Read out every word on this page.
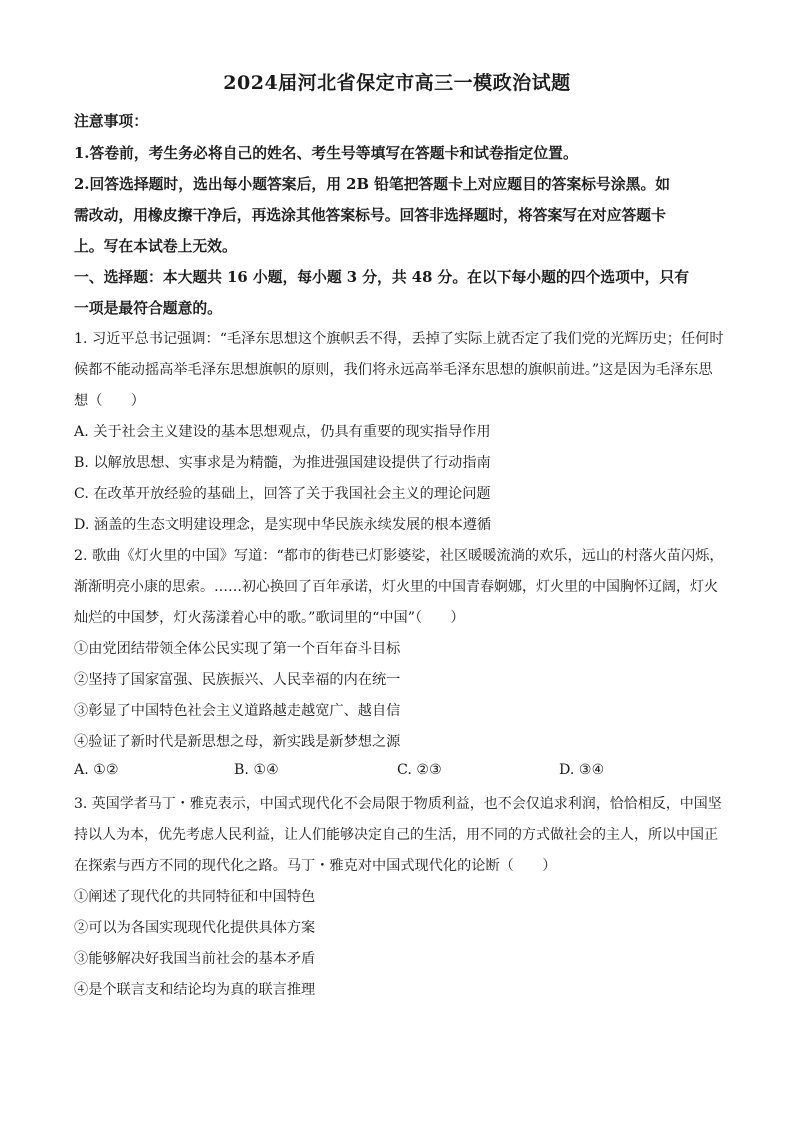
2024届河北省保定市高三一模政治试题
注意事项：
1.答卷前，考生务必将自己的姓名、考生号等填写在答题卡和试卷指定位置。
2.回答选择题时，选出每小题答案后，用 2B 铅笔把答题卡上对应题目的答案标号涂黑。如
需改动，用橡皮擦干净后，再选涂其他答案标号。回答非选择题时，将答案写在对应答题卡
上。写在本试卷上无效。
一、选择题：本大题共 16 小题，每小题 3 分，共 48 分。在以下每小题的四个选项中，只有
一项是最符合题意的。
1. 习近平总书记强调：“毛泽东思想这个旗帜丢不得，丢掉了实际上就否定了我们党的光辉历史；任何时
候都不能动摇高举毛泽东思想旗帜的原则，我们将永远高举毛泽东思想的旗帜前进。”这是因为毛泽东思
想（　　）
A. 关于社会主义建设的基本思想观点，仍具有重要的现实指导作用
B. 以解放思想、实事求是为精髓，为推进强国建设提供了行动指南
C. 在改革开放经验的基础上，回答了关于我国社会主义的理论问题
D. 涵盖的生态文明建设理念，是实现中华民族永续发展的根本遵循
2. 歌曲《灯火里的中国》写道：“都市的街巷已灯影婆娑，社区暖暖流淌的欢乐，远山的村落火苗闪烁，
渐渐明亮小康的思索。……初心换回了百年承诺，灯火里的中国青春婀娜，灯火里的中国胸怀辽阔，灯火
灿烂的中国梦，灯火荡漾着心中的歌。”歌词里的“中国”（　　）
①由党团结带领全体公民实现了第一个百年奋斗目标
②坚持了国家富强、民族振兴、人民幸福的内在统一
③彰显了中国特色社会主义道路越走越宽广、越自信
④验证了新时代是新思想之母，新实践是新梦想之源
A. ①②	B. ①④	C. ②③	D. ③④
3. 英国学者马丁・雅克表示，中国式现代化不会局限于物质利益，也不会仅追求利润，恰恰相反，中国坚
持以人为本，优先考虑人民利益，让人们能够决定自己的生活，用不同的方式做社会的主人，所以中国正
在探索与西方不同的现代化之路。马丁・雅克对中国式现代化的论断（　　）
①阐述了现代化的共同特征和中国特色
②可以为各国实现现代化提供具体方案
③能够解决好我国当前社会的基本矛盾
④是个联言支和结论均为真的联言推理
